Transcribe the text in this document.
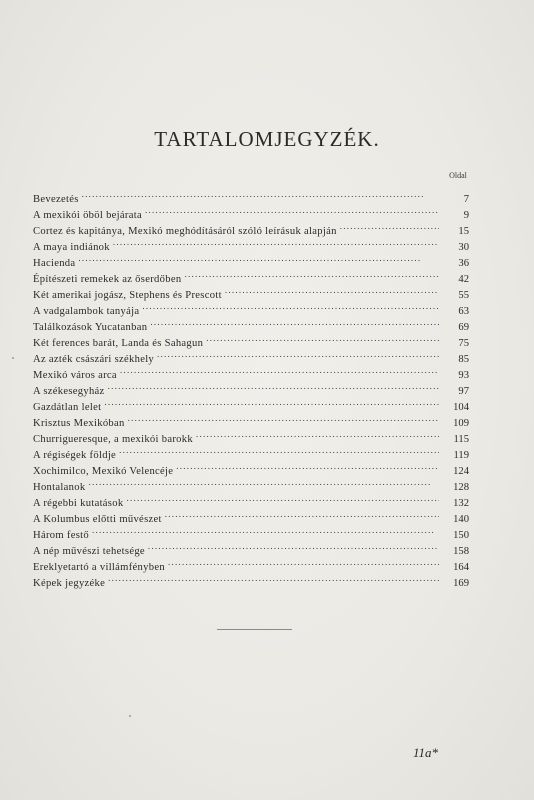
TARTALOMJEGYZÉK.
Oldal
Bevezetés . . .	7
A mexikói öböl bejárata . . .	9
Cortez és kapitánya, Mexikó meghódításáról szóló leírásuk alapján . . .	15
A maya indiánok . . .	30
Hacienda . . .	36
Építészeti remekek az őserdőben . . .	42
Két amerikai jogász, Stephens és Prescott . . .	55
A vadgalambok tanyája . . .	63
Találkozások Yucatanban . . .	69
Két ferences barát, Landa és Sahagun . . .	75
Az azték császári székhely . . .	85
Mexikó város arca . . .	93
A székesegyház . . .	97
Gazdátlan lelet . . .	104
Krisztus Mexikóban . . .	109
Churrigueresque, a mexikói barokk . . .	115
A régiségek földje . . .	119
Xochimilco, Mexikó Velencéje . . .	124
Hontalanok . . .	128
A régebbi kutatások . . .	132
A Kolumbus előtti művészet . . .	140
Három festő . . .	150
A nép művészi tehetsége . . .	158
Ereklyetartó a villámfényben . . .	164
Képek jegyzéke . . .	169
11a*
